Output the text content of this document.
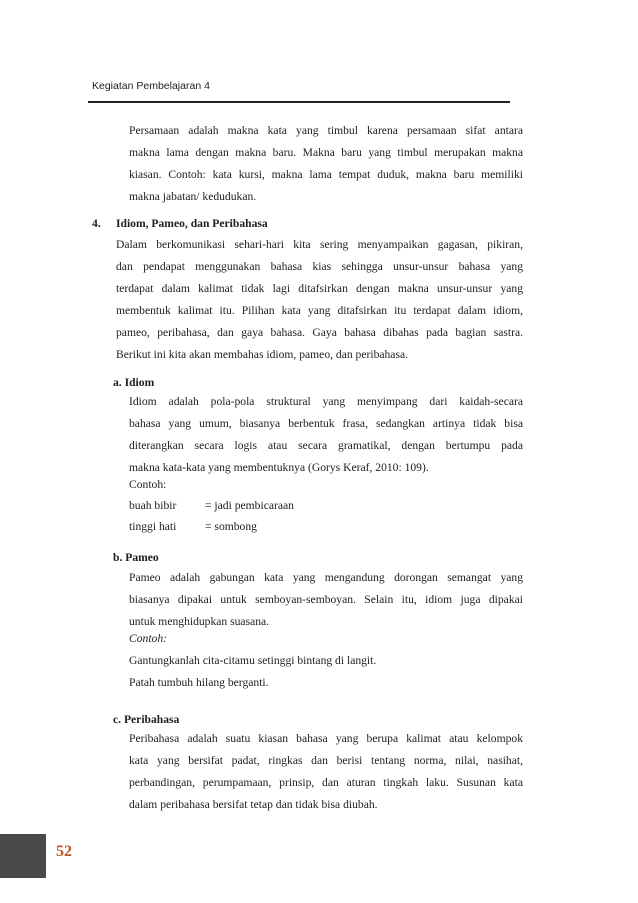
Kegiatan Pembelajaran 4
Persamaan adalah makna kata yang timbul karena persamaan sifat antara
makna lama dengan makna baru. Makna baru yang timbul merupakan makna
kiasan. Contoh: kata kursi, makna lama tempat duduk, makna baru memiliki
makna jabatan/ kedudukan.
4. Idiom, Pameo, dan Peribahasa
Dalam berkomunikasi sehari-hari kita sering menyampaikan gagasan, pikiran,
dan pendapat menggunakan bahasa kias sehingga unsur-unsur bahasa yang
terdapat dalam kalimat tidak lagi ditafsirkan dengan makna unsur-unsur yang
membentuk kalimat itu. Pilihan kata yang ditafsirkan itu terdapat dalam idiom,
pameo, peribahasa, dan gaya bahasa. Gaya bahasa dibahas pada bagian sastra.
Berikut ini kita akan membahas idiom, pameo, dan peribahasa.
a. Idiom
Idiom adalah pola-pola struktural yang menyimpang dari kaidah-secara
bahasa yang umum, biasanya berbentuk frasa, sedangkan artinya tidak bisa
diterangkan secara logis atau secara gramatikal, dengan bertumpu pada
makna kata-kata yang membentuknya (Gorys Keraf, 2010: 109).
Contoh:
buah bibir = jadi pembicaraan
tinggi hati = sombong
b. Pameo
Pameo adalah gabungan kata yang mengandung dorongan semangat yang
biasanya dipakai untuk semboyan-semboyan. Selain itu, idiom juga dipakai
untuk menghidupkan suasana.
Contoh:
Gantungkanlah cita-citamu setinggi bintang di langit.
Patah tumbuh hilang berganti.
c. Peribahasa
Peribahasa adalah suatu kiasan bahasa yang berupa kalimat atau kelompok
kata yang bersifat padat, ringkas dan berisi tentang norma, nilai, nasihat,
perbandingan, perumpamaan, prinsip, dan aturan tingkah laku. Susunan kata
dalam peribahasa bersifat tetap dan tidak bisa diubah.
52
